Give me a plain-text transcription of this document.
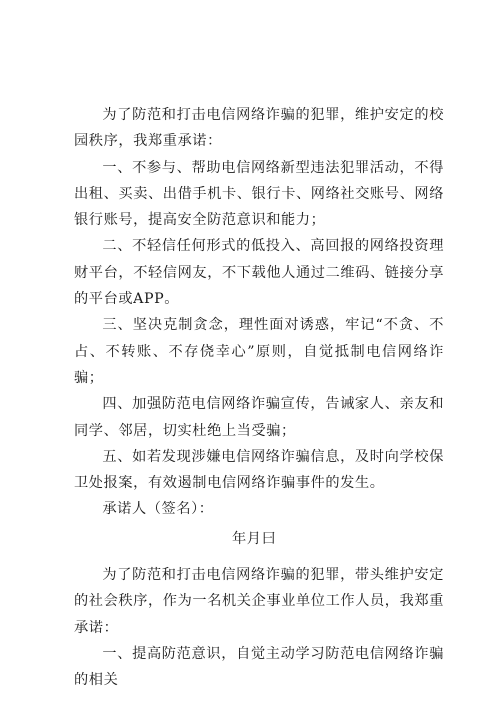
为了防范和打击电信网络诈骗的犯罪，维护安定的校园秩序，我郑重承诺：

一、不参与、帮助电信网络新型违法犯罪活动，不得出租、买卖、出借手机卡、银行卡、网络社交账号、网络银行账号，提高安全防范意识和能力；

二、不轻信任何形式的低投入、高回报的网络投资理财平台，不轻信网友，不下载他人通过二维码、链接分享的平台或APP。

三、坚决克制贪念，理性面对诱惑，牢记“不贪、不占、不转账、不存侥幸心”原则，自觉抵制电信网络诈骗；

四、加强防范电信网络诈骗宣传，告诫家人、亲友和同学、邻居，切实杜绝上当受骗；

五、如若发现涉嫌电信网络诈骗信息，及时向学校保卫处报案，有效遏制电信网络诈骗事件的发生。

承诺人（签名）：

年月曰

为了防范和打击电信网络诈骗的犯罪，带头维护安定的社会秩序，作为一名机关企事业单位工作人员，我郑重承诺：

一、提高防范意识，自觉主动学习防范电信网络诈骗的相关
